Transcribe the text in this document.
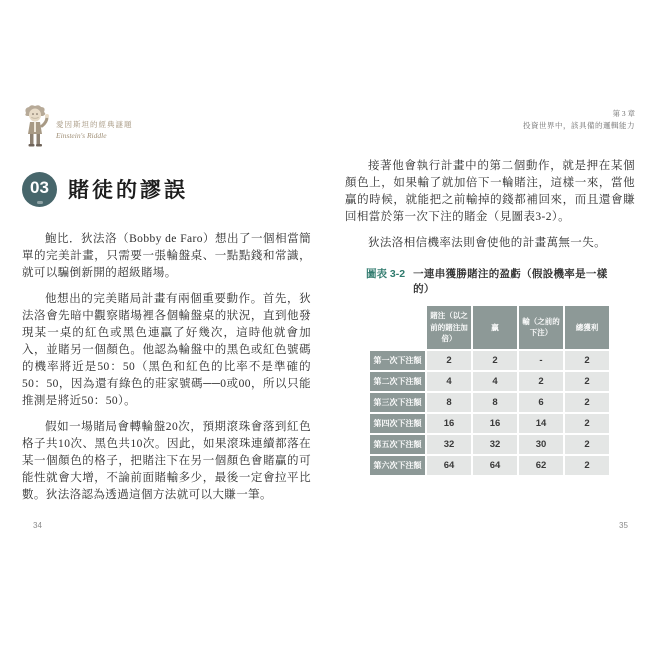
愛因斯坦的經典謎題
Einstein's Riddle
03 賭徒的謬誤

鮑比．狄法洛（Bobby de Faro）想出了一個相當簡單的完美計畫，只需要一張輪盤桌、一點點錢和常識，就可以騙倒新開的超級賭場。

他想出的完美賭局計畫有兩個重要動作。首先，狄法洛會先暗中觀察賭場裡各個輪盤桌的狀況，直到他發現某一桌的紅色或黑色連贏了好幾次，這時他就會加入，並賭另一個顏色。他認為輪盤中的黑色或紅色號碼的機率將近是50：50（黑色和紅色的比率不是準確的50：50，因為還有綠色的莊家號碼──0或00，所以只能推測是將近50：50）。

假如一場賭局會轉輪盤20次，預期滾珠會落到紅色格子共10次、黑色共10次。因此，如果滾珠連續都落在某一個顏色的格子，把賭注下在另一個顏色會賭贏的可能性就會大增，不論前面賭輸多少，最後一定會拉平比數。狄法洛認為透過這個方法就可以大賺一筆。

第 3 章
投資世界中，該具備的邏輯能力

接著他會執行計畫中的第二個動作，就是押在某個顏色上，如果輸了就加倍下一輪賭注，這樣一來，當他贏的時候，就能把之前輸掉的錢都補回來，而且還會賺回相當於第一次下注的賭金（見圖表3-2）。

狄法洛相信機率法則會使他的計畫萬無一失。

圖表 3-2 一連串獲勝賭注的盈虧（假設機率是一樣的）
	賭注（以之前的賭注加倍）	贏	輸（之前的下注）	總獲利
第一次下注額	2	2	-	2
第二次下注額	4	4	2	2
第三次下注額	8	8	6	2
第四次下注額	16	16	14	2
第五次下注額	32	32	30	2
第六次下注額	64	64	62	2
34	35
